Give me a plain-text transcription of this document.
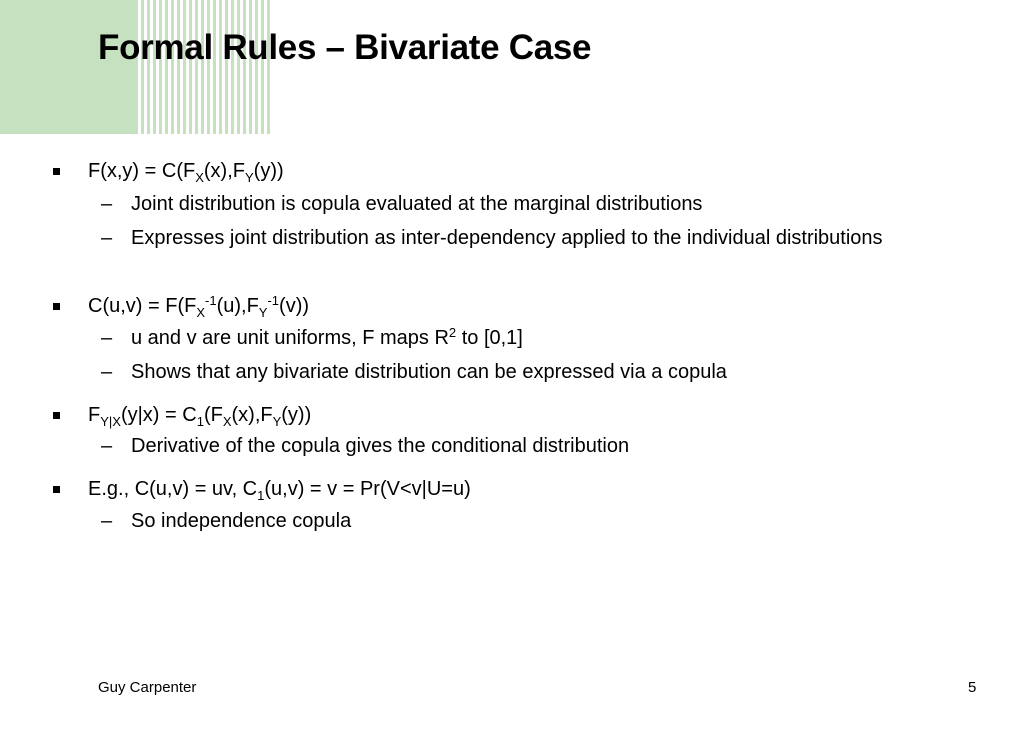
Formal Rules – Bivariate Case
$F(x,y) = C(F_X(x),F_Y(y))$
– Joint distribution is copula evaluated at the marginal distributions
– Expresses joint distribution as inter-dependency applied to the individual distributions
$C(u,v) = F(F_X^{-1}(u),F_Y^{-1}(v))$
– u and v are unit uniforms, F maps $R^2$ to [0,1]
– Shows that any bivariate distribution can be expressed via a copula
$F_{Y|X}(y|x) = C_1(F_X(x),F_Y(y))$
– Derivative of the copula gives the conditional distribution
E.g., C(u,v) = uv, $C_1(u,v) = v = Pr(V<v|U=u)$
– So independence copula
Guy Carpenter	5
